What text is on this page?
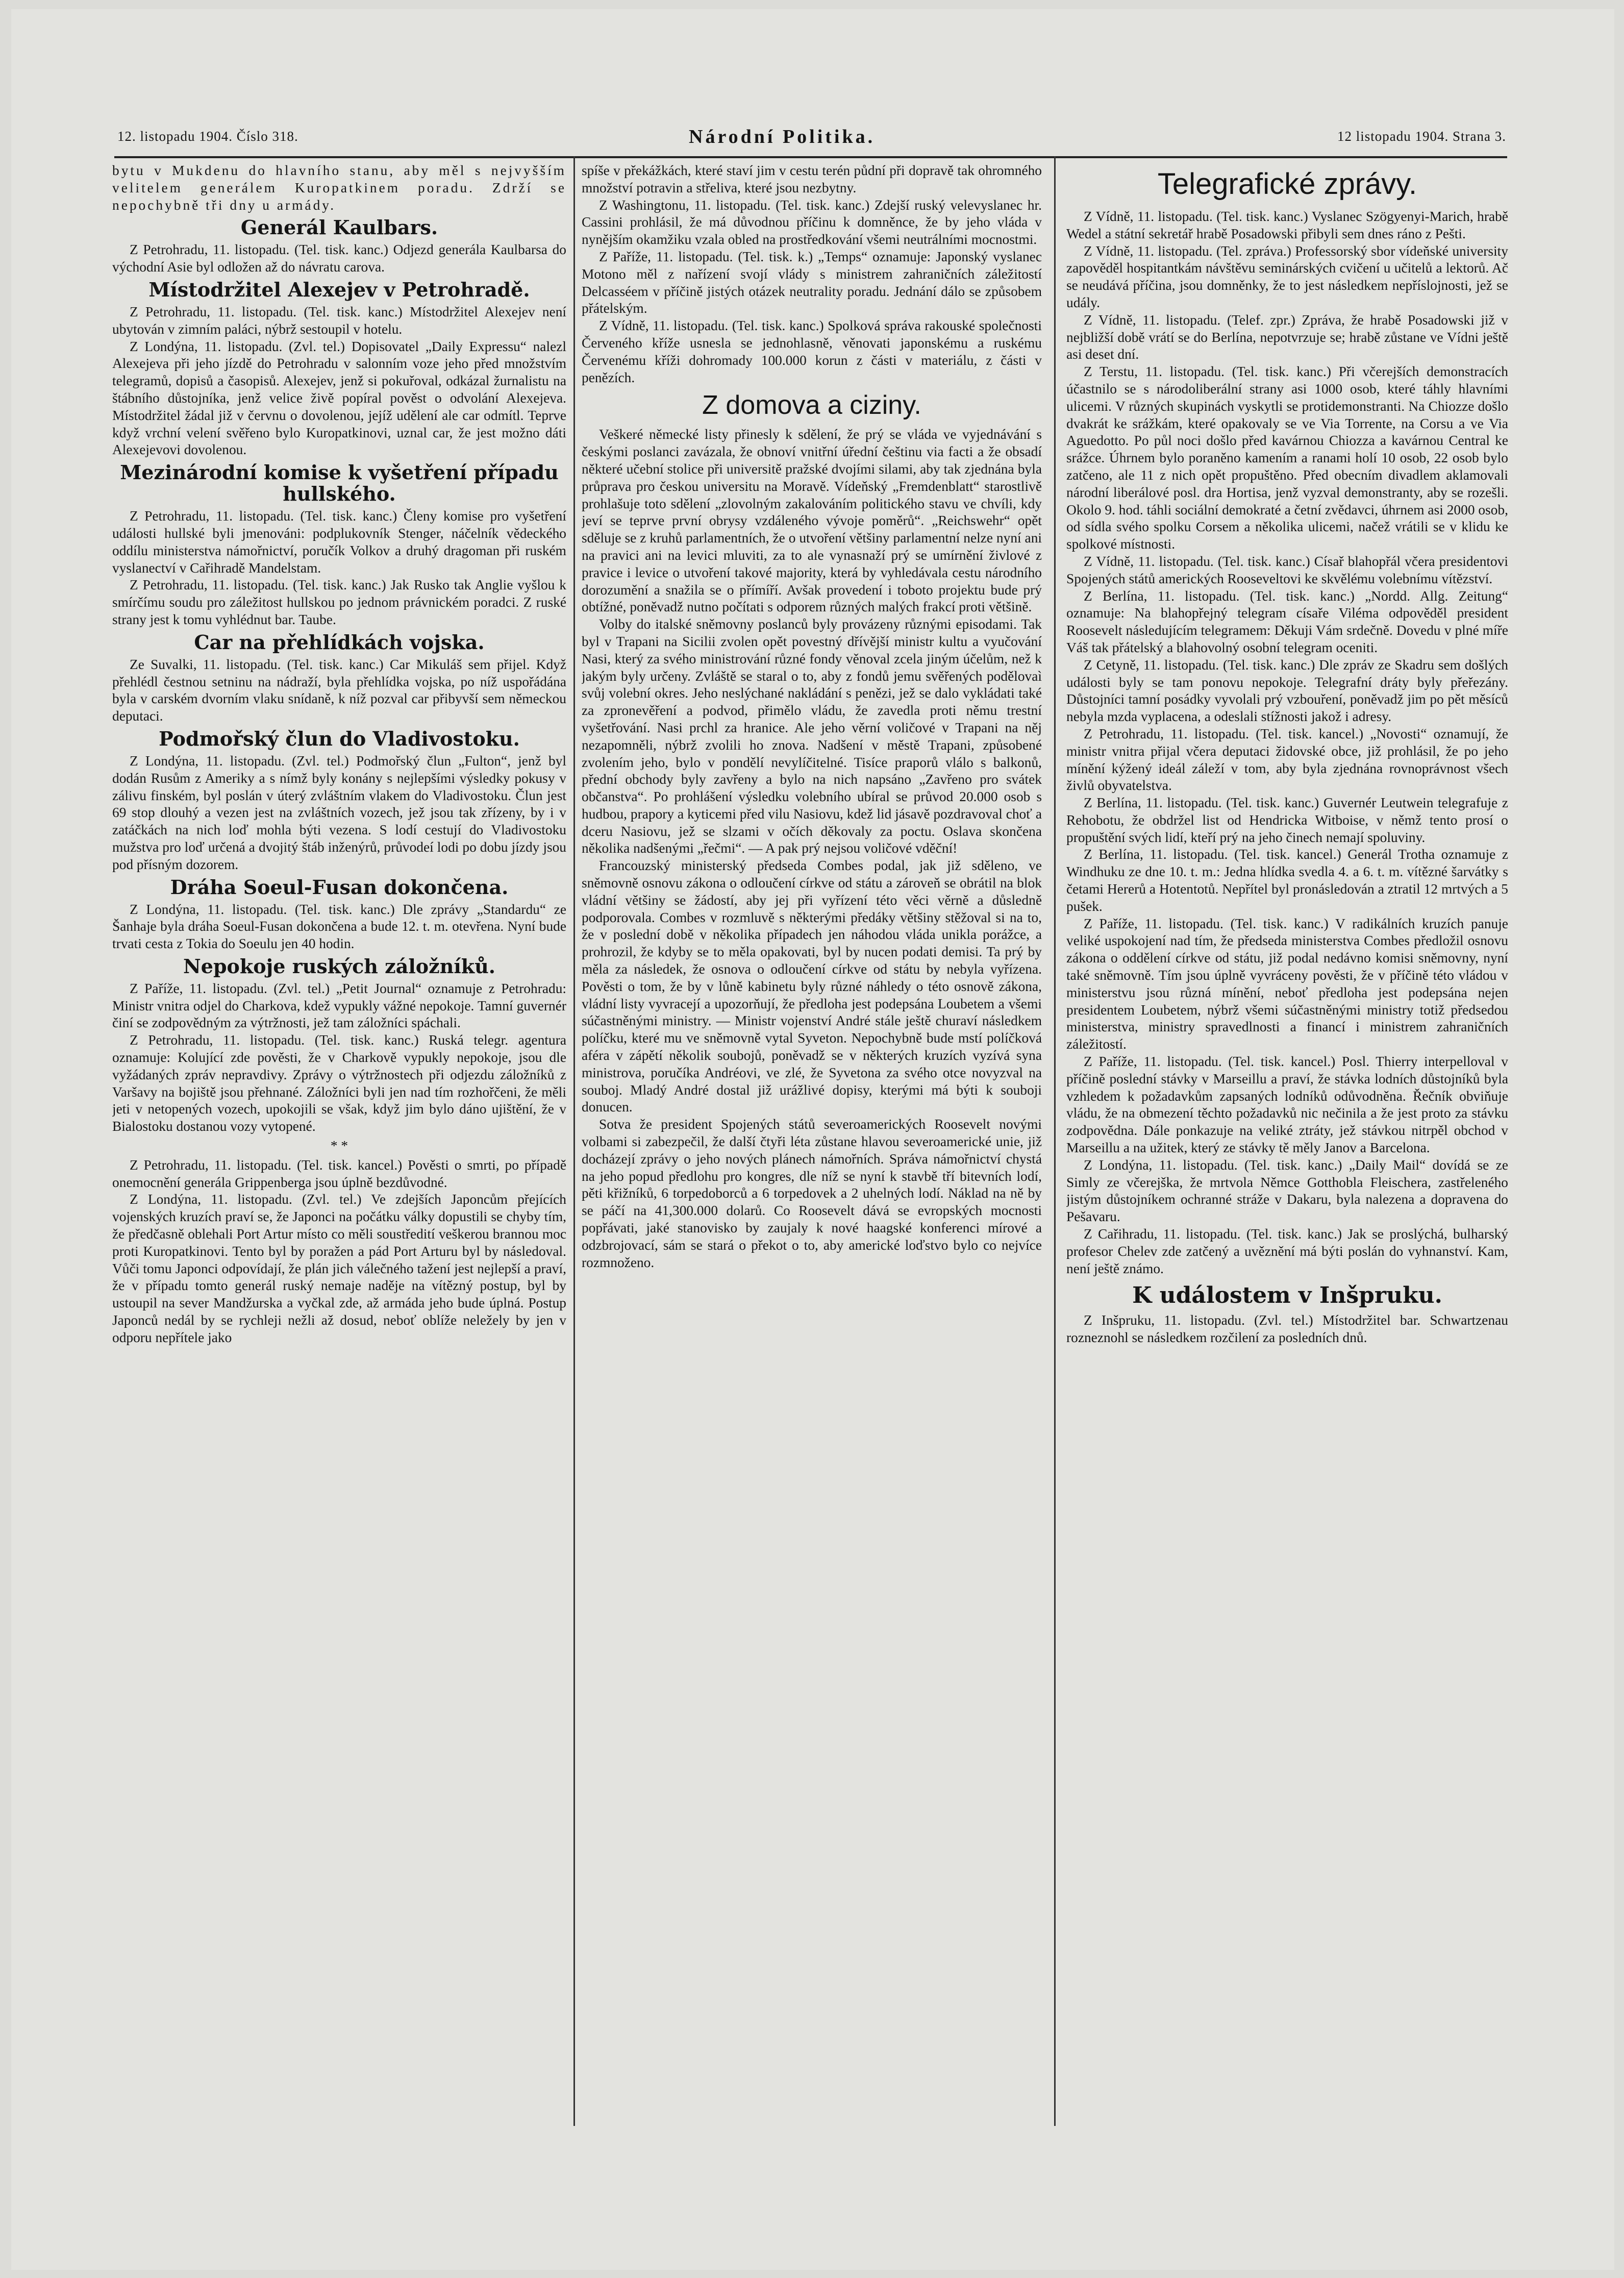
12. listopadu 1904. Číslo 318.	Národní Politika.	12 listopadu 1904. Strana 3.

bytu v Mukdenu do hlavního stanu, aby měl s nejvyšším velitelem generálem Kuropatkinem poradu. Zdrží se nepochybně tři dny u armády.

Generál Kaulbars.

Z Petrohradu, 11. listopadu. (Tel. tisk. kanc.) Odjezd generála Kaulbarsa do východní Asie byl odložen až do návratu carova.

Místodržitel Alexejev v Petrohradě.

Z Petrohradu, 11. listopadu. (Tel. tisk. kanc.) Místodržitel Alexejev není ubytován v zimním paláci, nýbrž sestoupil v hotelu.

Z Londýna, 11. listopadu. (Zvl. tel.) Dopisovatel „Daily Expressu“ nalezl Alexejeva při jeho jízdě do Petrohradu v salonním voze jeho před množstvím telegramů, dopisů a časopisů. Alexejev, jenž si pokuřoval, odkázal žurnalistu na štábního důstojníka, jenž velice živě popíral pověst o odvolání Alexejeva. Místodržitel žádal již v červnu o dovolenou, jejíž udělení ale car odmítl. Teprve když vrchní velení svěřeno bylo Kuropatkinovi, uznal car, že jest možno dáti Alexejevovi dovolenou.

Mezinárodní komise k vyšetření případu hullského.

Z Petrohradu, 11. listopadu. (Tel. tisk. kanc.) Členy komise pro vyšetření události hullské byli jmenováni: podplukovník Stenger, náčelník vědeckého oddílu ministerstva námořnictví, poručík Volkov a druhý dragoman při ruském vyslanectví v Cařihradě Mandelstam.

Z Petrohradu, 11. listopadu. (Tel. tisk. kanc.) Jak Rusko tak Anglie vyšlou k smírčímu soudu pro záležitost hullskou po jednom právnickém poradci. Z ruské strany jest k tomu vyhlédnut bar. Taube.

Car na přehlídkách vojska.

Ze Suvalki, 11. listopadu. (Tel. tisk. kanc.) Car Mikuláš sem přijel. Když přehlédl čestnou setninu na nádraží, byla přehlídka vojska, po níž uspořádána byla v carském dvorním vlaku snídaně, k níž pozval car přibyvší sem německou deputaci.

Podmořský člun do Vladivostoku.

Z Londýna, 11. listopadu. (Zvl. tel.) Podmořský člun „Fulton“, jenž byl dodán Rusům z Ameriky a s nímž byly konány s nejlepšími výsledky pokusy v zálivu finském, byl poslán v úterý zvláštním vlakem do Vladivostoku. Člun jest 69 stop dlouhý a vezen jest na zvláštních vozech, jež jsou tak zřízeny, by i v zatáčkách na nich loď mohla býti vezena. S lodí cestují do Vladivostoku mužstva pro loď určená a dvojitý štáb inženýrů, průvodeí lodi po dobu jízdy jsou pod přísným dozorem.

Dráha Soeul-Fusan dokončena.

Z Londýna, 11. listopadu. (Tel. tisk. kanc.) Dle zprávy „Standardu“ ze Šanhaje byla dráha Soeul-Fusan dokončena a bude 12. t. m. otevřena. Nyní bude trvati cesta z Tokia do Soeulu jen 40 hodin.

Nepokoje ruských záložníků.

Z Paříže, 11. listopadu. (Zvl. tel.) „Petit Journal“ oznamuje z Petrohradu: Ministr vnitra odjel do Charkova, kdež vypukly vážné nepokoje. Tamní guvernér činí se zodpovědným za výtržnosti, jež tam záložníci spáchali.

Z Petrohradu, 11. listopadu. (Tel. tisk. kanc.) Ruská telegr. agentura oznamuje: Kolující zde pověsti, že v Charkově vypukly nepokoje, jsou dle vyžádaných zpráv nepravdivy. Zprávy o výtržnostech při odjezdu záložníků z Varšavy na bojiště jsou přehnané. Záložníci byli jen nad tím rozhořčeni, že měli jeti v netopených vozech, upokojili se však, když jim bylo dáno ujištění, že v Bialostoku dostanou vozy vytopené.

* *

Z Petrohradu, 11. listopadu. (Tel. tisk. kancel.) Pověsti o smrti, po případě onemocnění generála Grippenberga jsou úplně bezdůvodné.

Z Londýna, 11. listopadu. (Zvl. tel.) Ve zdejších Japoncům přejících vojenských kruzích praví se, že Japonci na počátku války dopustili se chyby tím, že předčasně oblehali Port Artur místo co měli soustředití veškerou brannou moc proti Kuropatkinovi. Tento byl by poražen a pád Port Arturu byl by následoval. Vůči tomu Japonci odpovídají, že plán jich válečného tažení jest nejlepší a praví, že v případu tomto generál ruský nemaje naděje na vítězný postup, byl by ustoupil na sever Mandžurska a vyčkal zde, až armáda jeho bude úplná. Postup Japonců nedál by se rychleji nežli až dosud, neboť oblíže neležely by jen v odporu nepřítele jako

spíše v překážkách, které staví jim v cestu terén půdní při dopravě tak ohromného množství potravin a střeliva, které jsou nezbytny.

Z Washingtonu, 11. listopadu. (Tel. tisk. kanc.) Zdejší ruský velevyslanec hr. Cassini prohlásil, že má důvodnou příčinu k domněnce, že by jeho vláda v nynějším okamžiku vzala obled na prostředkování všemi neutrálními mocnostmi.

Z Paříže, 11. listopadu. (Tel. tisk. k.) „Temps“ oznamuje: Japonský vyslanec Motono měl z nařízení svojí vlády s ministrem zahraničních záležitostí Delcasséem v příčině jistých otázek neutrality poradu. Jednání dálo se způsobem přátelským.

Z Vídně, 11. listopadu. (Tel. tisk. kanc.) Spolková správa rakouské společnosti Červeného kříže usnesla se jednohlasně, věnovati japonskému a ruskému Červenému kříži dohromady 100.000 korun z části v materiálu, z části v penězích.

Z domova a ciziny.

Veškeré německé listy přinesly k sdělení, že prý se vláda ve vyjednávání s českými poslanci zavázala, že obnoví vnitřní úřední češtinu via facti a že obsadí některé učební stolice při universitě pražské dvojími silami, aby tak zjednána byla průprava pro českou universitu na Moravě. Vídeňský „Fremdenblatt“ starostlivě prohlašuje toto sdělení „zlovolným zakalováním politického stavu ve chvíli, kdy jeví se teprve první obrysy vzdáleného vývoje poměrů“. „Reichswehr“ opět sděluje se z kruhů parlamentních, že o utvoření většiny parlamentní nelze nyní ani na pravici ani na levici mluviti, za to ale vynasnaží prý se umírnění živlové z pravice i levice o utvoření takové majority, která by vyhledávala cestu národního dorozumění a snažila se o přímíří. Avšak provedení i toboto projektu bude prý obtížné, poněvadž nutno počítati s odporem různých malých frakcí proti většině.

Volby do italské sněmovny poslanců byly provázeny různými episodami. Tak byl v Trapani na Sicilii zvolen opět povestný dřívější ministr kultu a vyučování Nasi, který za svého ministrování různé fondy věnoval zcela jiným účelům, než k jakým byly určeny. Zvláště se staral o to, aby z fondů jemu svěřených podělovaì svůj volební okres. Jeho neslýchané nakládání s penězi, jež se dalo vykládati také za zpronevěření a podvod, přimělo vládu, že zavedla proti němu trestní vyšetřování. Nasi prchl za hranice. Ale jeho věrní voličové v Trapani na něj nezapomněli, nýbrž zvolili ho znova. Nadšení v městě Trapani, způsobené zvolením jeho, bylo v pondělí nevylíčitelné. Tisíce praporů vlálo s balkonů, přední obchody byly zavřeny a bylo na nich napsáno „Zavřeno pro svátek občanstva“. Po prohlášení výsledku volebního ubíral se průvod 20.000 osob s hudbou, prapory a kyticemi před vilu Nasiovu, kdež lid jásavě pozdravoval choť a dceru Nasiovu, jež se slzami v očích děkovaly za poctu. Oslava skončena několika nadšenými „řečmi“. — A pak prý nejsou voličové vděční!

Francouzský ministerský předseda Combes podal, jak již sděleno, ve sněmovně osnovu zákona o odloučení církve od státu a zároveň se obrátil na blok vládní většiny se žádostí, aby jej při vyřízení této věci věrně a důsledně podporovala. Combes v rozmluvě s některými předáky většiny stěžoval si na to, že v poslední době v několika případech jen náhodou vláda unikla porážce, a prohrozil, že kdyby se to měla opakovati, byl by nucen podati demisi. Ta prý by měla za následek, že osnova o odloučení církve od státu by nebyla vyřízena. Pověsti o tom, že by v lůně kabinetu byly různé náhledy o této osnově zákona, vládní listy vyvracejí a upozorňují, že předloha jest podepsána Loubetem a všemi súčastněnými ministry. — Ministr vojenství André stále ještě churaví následkem políčku, které mu ve sněmovně vytal Syveton. Nepochybně bude mstí políčková aféra v zápětí několik soubojů, poněvadž se v některých kruzích vyzívá syna ministrova, poručíka Andréovi, ve zlé, že Syvetona za svého otce novyzval na souboj. Mladý André dostal již urážlivé dopisy, kterými má býti k souboji donucen.

Sotva že president Spojených států severoamerických Roosevelt novými volbami si zabezpečil, že další čtyři léta zůstane hlavou severoamerické unie, již docházejí zprávy o jeho nových plánech námořních. Správa námořnictví chystá na jeho popud předlohu pro kongres, dle níž se nyní k stavbě tří bitevních lodí, pěti křižníků, 6 torpedoborců a 6 torpedovek a 2 uhelných lodí. Náklad na ně by se páčí na 41,300.000 dolarů. Co Roosevelt dává se evropských mocnosti popřávati, jaké stanovisko by zaujaly k nové haagské konferenci mírové a odzbrojovací, sám se stará o překot o to, aby americké loďstvo bylo co nejvíce rozmnoženo.

Telegrafické zprávy.

Z Vídně, 11. listopadu. (Tel. tisk. kanc.) Vyslanec Szögyenyi-Marich, hrabě Wedel a státní sekretář hrabě Posadowski přibyli sem dnes ráno z Pešti.

Z Vídně, 11. listopadu. (Tel. zpráva.) Professorský sbor vídeňské university zapověděl hospitantkám návštěvu seminárských cvičení u učitelů a lektorů. Ač se neudává příčina, jsou domněnky, že to jest následkem nepříslojnosti, jež se udály.

Z Vídně, 11. listopadu. (Telef. zpr.) Zpráva, že hrabě Posadowski již v nejbližší době vrátí se do Berlína, nepotvrzuje se; hrabě zůstane ve Vídni ještě asi deset dní.

Z Terstu, 11. listopadu. (Tel. tisk. kanc.) Při včerejších demonstracích účastnilo se s národoliberální strany asi 1000 osob, které táhly hlavními ulicemi. V různých skupinách vyskytli se protidemonstranti. Na Chiozze došlo dvakrát ke srážkám, které opakovaly se ve Via Torrente, na Corsu a ve Via Aguedotto. Po půl noci došlo před kavárnou Chiozza a kavárnou Central ke srážce. Úhrnem bylo poraněno kamením a ranami holí 10 osob, 22 osob bylo zatčeno, ale 11 z nich opět propuštěno. Před obecním divadlem aklamovali národní liberálové posl. dra Hortisa, jenž vyzval demonstranty, aby se rozešli. Okolo 9. hod. táhli sociální demokraté a četní zvědavci, úhrnem asi 2000 osob, od sídla svého spolku Corsem a několika ulicemi, načež vrátili se v klidu ke spolkové místnosti.

Z Vídně, 11. listopadu. (Tel. tisk. kanc.) Císař blahopřál včera presidentovi Spojených států amerických Rooseveltovi ke skvělému volebnímu vítězství.

Z Berlína, 11. listopadu. (Tel. tisk. kanc.) „Nordd. Allg. Zeitung“ oznamuje: Na blahopřejný telegram císaře Viléma odpověděl president Roosevelt následujícím telegramem: Děkuji Vám srdečně. Dovedu v plné míře Váš tak přátelský a blahovolný osobní telegram oceniti.

Z Cetyně, 11. listopadu. (Tel. tisk. kanc.) Dle zpráv ze Skadru sem došlých události byly se tam ponovu nepokoje. Telegrafní dráty byly přeřezány. Důstojníci tamní posádky vyvolali prý vzbouření, poněvadž jim po pět měsíců nebyla mzda vyplacena, a odeslali stížnosti jakož i adresy.

Z Petrohradu, 11. listopadu. (Tel. tisk. kancel.) „Novosti“ oznamují, že ministr vnitra přijal včera deputaci židovské obce, již prohlásil, že po jeho mínění kýžený ideál záleží v tom, aby byla zjednána rovnoprávnost všech živlů obyvatelstva.

Z Berlína, 11. listopadu. (Tel. tisk. kanc.) Guvernér Leutwein telegrafuje z Rehobotu, že obdržel list od Hendricka Witboise, v němž tento prosí o propuštění svých lidí, kteří prý na jeho činech nemají spoluviny.

Z Berlína, 11. listopadu. (Tel. tisk. kancel.) Generál Trotha oznamuje z Windhuku ze dne 10. t. m.: Jedna hlídka svedla 4. a 6. t. m. vítězné šarvátky s četami Hererů a Hotentotů. Nepřítel byl pronásledován a ztratil 12 mrtvých a 5 pušek.

Z Paříže, 11. listopadu. (Tel. tisk. kanc.) V radikálních kruzích panuje veliké uspokojení nad tím, že předseda ministerstva Combes předložil osnovu zákona o oddělení církve od státu, již podal nedávno komisi sněmovny, nyní také sněmovně. Tím jsou úplně vyvráceny pověsti, že v příčině této vládou v ministerstvu jsou různá mínění, neboť předloha jest podepsána nejen presidentem Loubetem, nýbrž všemi súčastněnými ministry totiž předsedou ministerstva, ministry spravedlnosti a financí i ministrem zahraničních záležitostí.

Z Paříže, 11. listopadu. (Tel. tisk. kancel.) Posl. Thierry interpelloval v příčině poslední stávky v Marseillu a praví, že stávka lodních důstojníků byla vzhledem k požadavkům zapsaných lodníků odůvodněna. Řečník obviňuje vládu, že na obmezení těchto požadavků nic nečinila a že jest proto za stávku zodpovědna. Dále ponkazuje na veliké ztráty, jež stávkou nitrpěl obchod v Marseillu a na užitek, který ze stávky tě měly Janov a Barcelona.

Z Londýna, 11. listopadu. (Tel. tisk. kanc.) „Daily Mail“ dovídá se ze Simly ze včerejška, že mrtvola Němce Gotthobla Fleischera, zastřeleného jistým důstojníkem ochranné stráže v Dakaru, byla nalezena a dopravena do Pešavaru.

Z Cařihradu, 11. listopadu. (Tel. tisk. kanc.) Jak se proslýchá, bulharský profesor Chelev zde zatčený a uvěznění má býti poslán do vyhnanství. Kam, není ještě známo.

K událostem v Inšpruku.

Z Inšpruku, 11. listopadu. (Zvl. tel.) Místodržitel bar. Schwartzenau rozneznohl se následkem rozčilení za posledních dnů.
